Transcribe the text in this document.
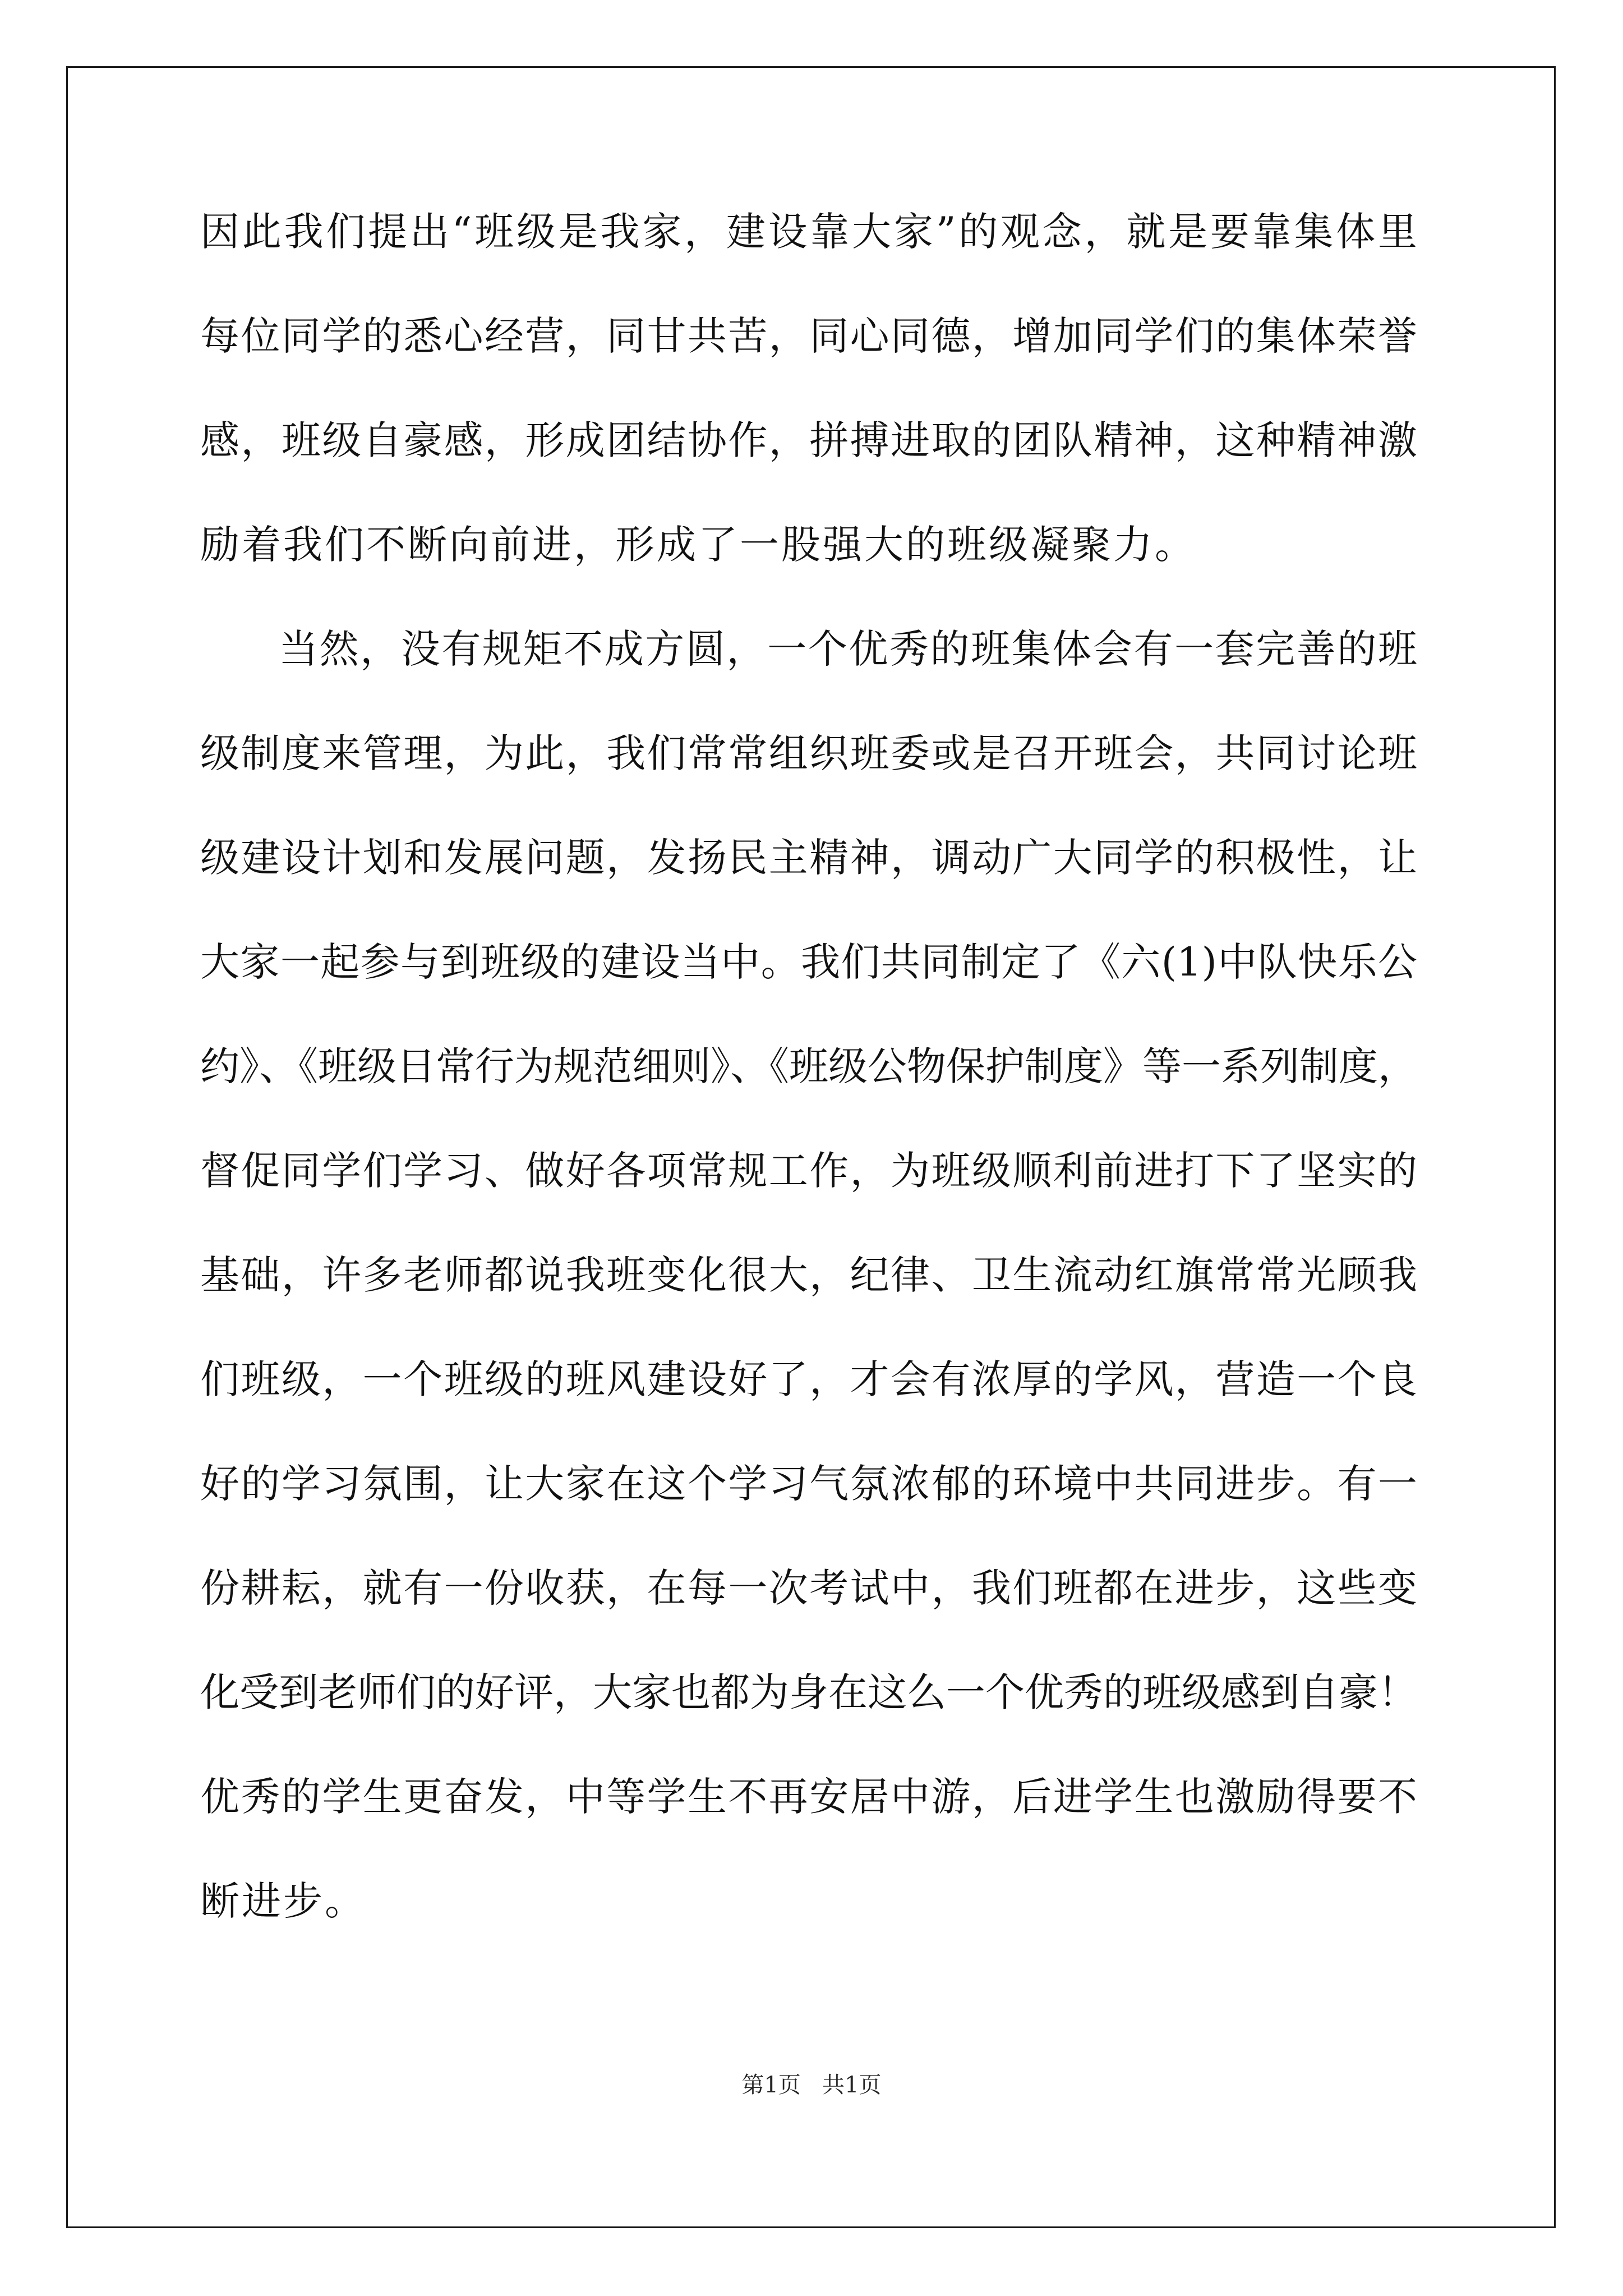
因此我们提出“班级是我家，建设靠大家”的观念，就是要靠集体里
每位同学的悉心经营，同甘共苦，同心同德，增加同学们的集体荣誉
感，班级自豪感，形成团结协作，拼搏进取的团队精神，这种精神激
励着我们不断向前进，形成了一股强大的班级凝聚力。
当然，没有规矩不成方圆，一个优秀的班集体会有一套完善的班
级制度来管理，为此，我们常常组织班委或是召开班会，共同讨论班
级建设计划和发展问题，发扬民主精神，调动广大同学的积极性，让
大家一起参与到班级的建设当中。我们共同制定了《六(1)中队快乐公
约》、《班级日常行为规范细则》、《班级公物保护制度》等一系列制度，
督促同学们学习、做好各项常规工作，为班级顺利前进打下了坚实的
基础，许多老师都说我班变化很大，纪律、卫生流动红旗常常光顾我
们班级，一个班级的班风建设好了，才会有浓厚的学风，营造一个良
好的学习氛围，让大家在这个学习气氛浓郁的环境中共同进步。有一
份耕耘，就有一份收获，在每一次考试中，我们班都在进步，这些变
化受到老师们的好评，大家也都为身在这么一个优秀的班级感到自豪！
优秀的学生更奋发，中等学生不再安居中游，后进学生也激励得要不
断进步。
第1页   共1页
